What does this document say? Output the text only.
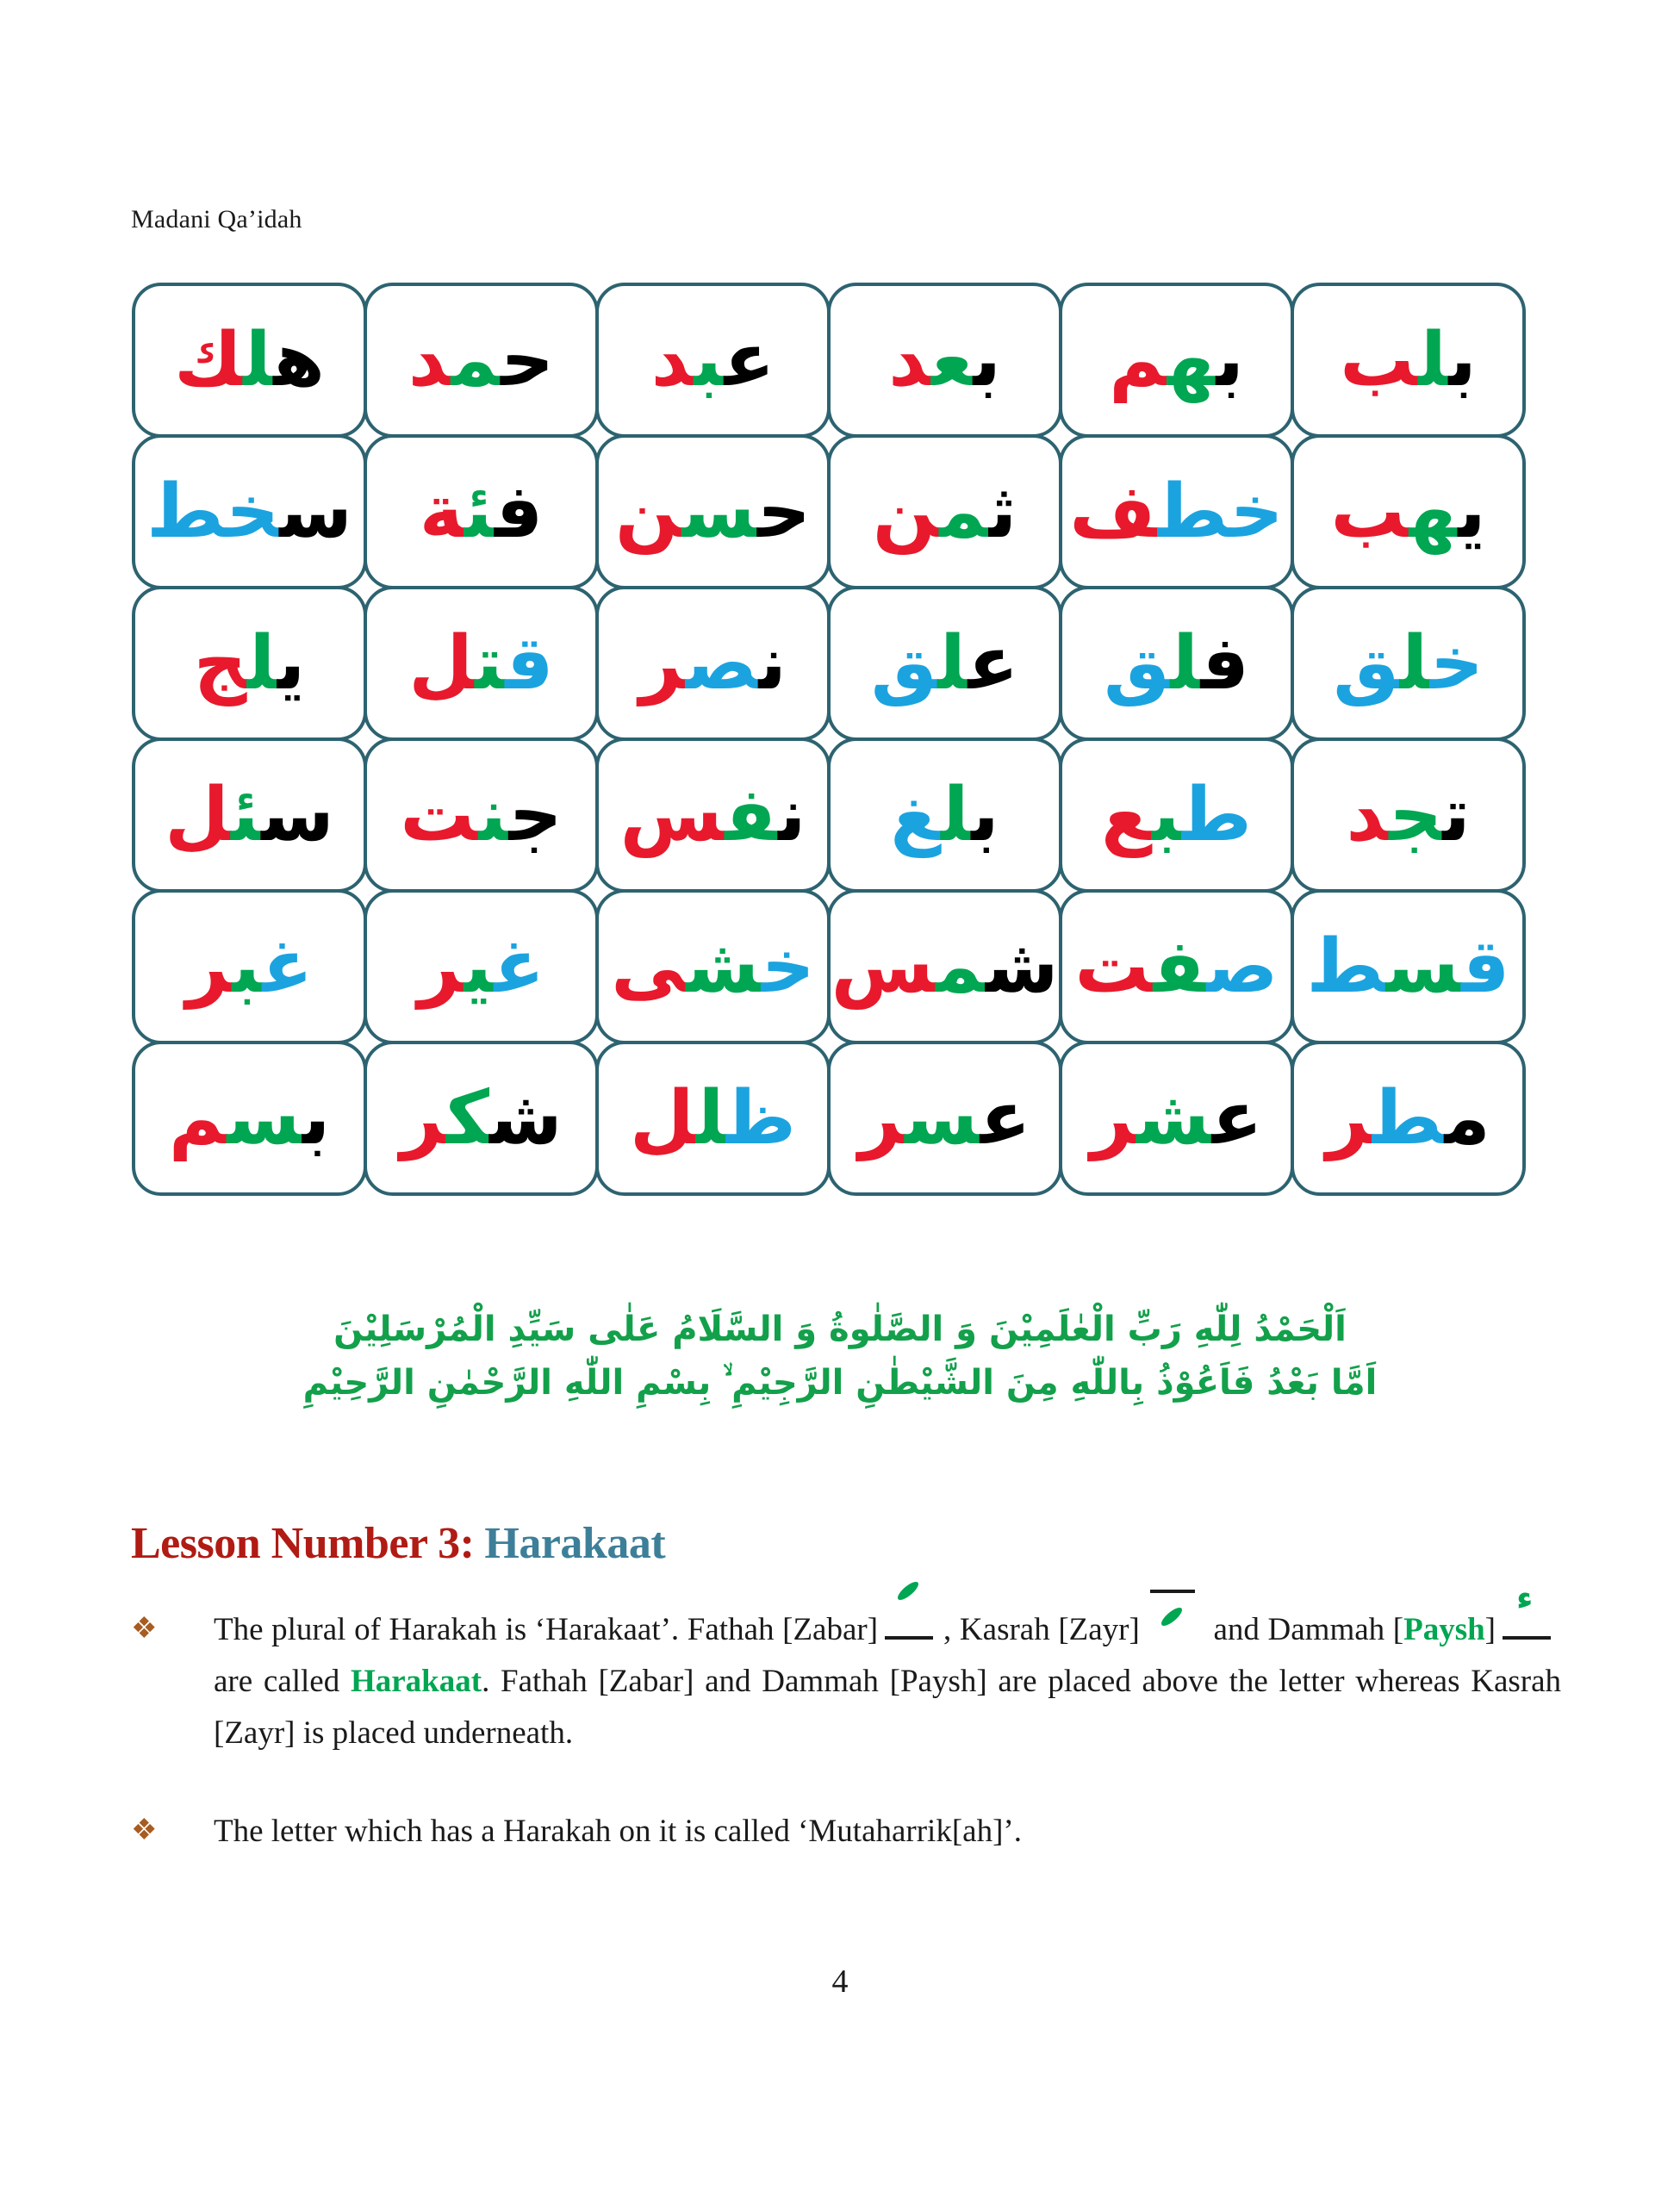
Madani Qa’idah
هلك	حمد	عبد	بعد	بهم	بلب
سخط	فئة	حسن	ثمن	خطف	يهب
يلج	قتل	نصر	علق	فلق	خلق
سئل	جنت	نفس	بلغ	طبع	تجد
غبر	غير	خشى	شمس	صفت	قسط
بسم	شكر	ظلل	عسر	عشر	مطر
اَلْحَمْدُ لِلّٰهِ رَبِّ الْعٰلَمِيْنَ وَ الصَّلٰوةُ وَ السَّلَامُ عَلٰى سَيِّدِ الْمُرْسَلِيْنَ
اَمَّا بَعْدُ فَاَعُوْذُ بِاللّٰهِ مِنَ الشَّيْطٰنِ الرَّجِيْمِ ۙ بِسْمِ اللّٰهِ الرَّحْمٰنِ الرَّحِيْمِ
Lesson Number 3: Harakaat
❖	The plural of Harakah is ‘Harakaat’. Fathah [Zabar] , Kasrah [Zayr] and Dammah [Paysh]
ء
are called Harakaat. Fathah [Zabar] and Dammah [Paysh] are placed above the letter whereas Kasrah [Zayr] is placed underneath.
❖	The letter which has a Harakah on it is called ‘Mutaharrik[ah]’.
4
